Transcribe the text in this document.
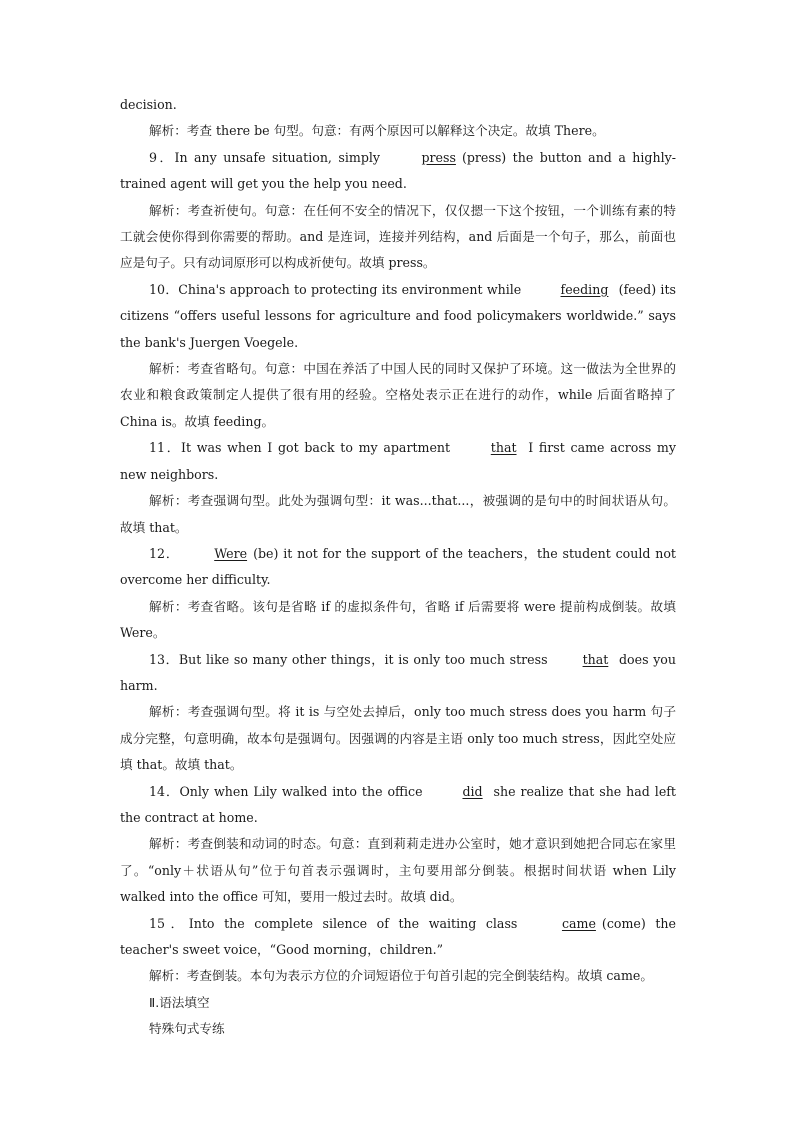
decision.

解析：考查 there be 句型。句意：有两个原因可以解释这个决定。故填 There。

9．In any unsafe situation, simply	press (press) the button and a highly-trained agent will get you the help you need.

解析：考查祈使句。句意：在任何不安全的情况下，仅仅摁一下这个按钮，一个训练有素的特工就会使你得到你需要的帮助。and 是连词，连接并列结构，and 后面是一个句子，那么，前面也应是句子。只有动词原形可以构成祈使句。故填 press。

10．China's approach to protecting its environment while	feeding (feed) its citizens “offers useful lessons for agriculture and food policymakers worldwide.” says the bank's Juergen Voegele.

解析：考查省略句。句意：中国在养活了中国人民的同时又保护了环境。这一做法为全世界的农业和粮食政策制定人提供了很有用的经验。空格处表示正在进行的动作，while 后面省略掉了 China is。故填 feeding。

11．It was when I got back to my apartment	that I first came across my new neighbors.

解析：考查强调句型。此处为强调句型：it was...that...，被强调的是句中的时间状语从句。故填 that。

12．	Were (be) it not for the support of the teachers，the student could not overcome her difficulty.

解析：考查省略。该句是省略 if 的虚拟条件句，省略 if 后需要将 were 提前构成倒装。故填 Were。

13．But like so many other things，it is only too much stress	that does you harm.

解析：考查强调句型。将 it is 与空处去掉后，only too much stress does you harm 句子成分完整，句意明确，故本句是强调句。因强调的内容是主语 only too much stress，因此空处应填 that。故填 that。

14．Only when Lily walked into the office	did she realize that she had left the contract at home.

解析：考查倒装和动词的时态。句意：直到莉莉走进办公室时，她才意识到她把合同忘在家里了。“only＋状语从句”位于句首表示强调时，主句要用部分倒装。根据时间状语 when Lily walked into the office 可知，要用一般过去时。故填 did。

15．Into the complete silence of the waiting class	came (come) the teacher's sweet voice，“Good morning，children.”

解析：考查倒装。本句为表示方位的介词短语位于句首引起的完全倒装结构。故填 came。

Ⅱ.语法填空

特殊句式专练
